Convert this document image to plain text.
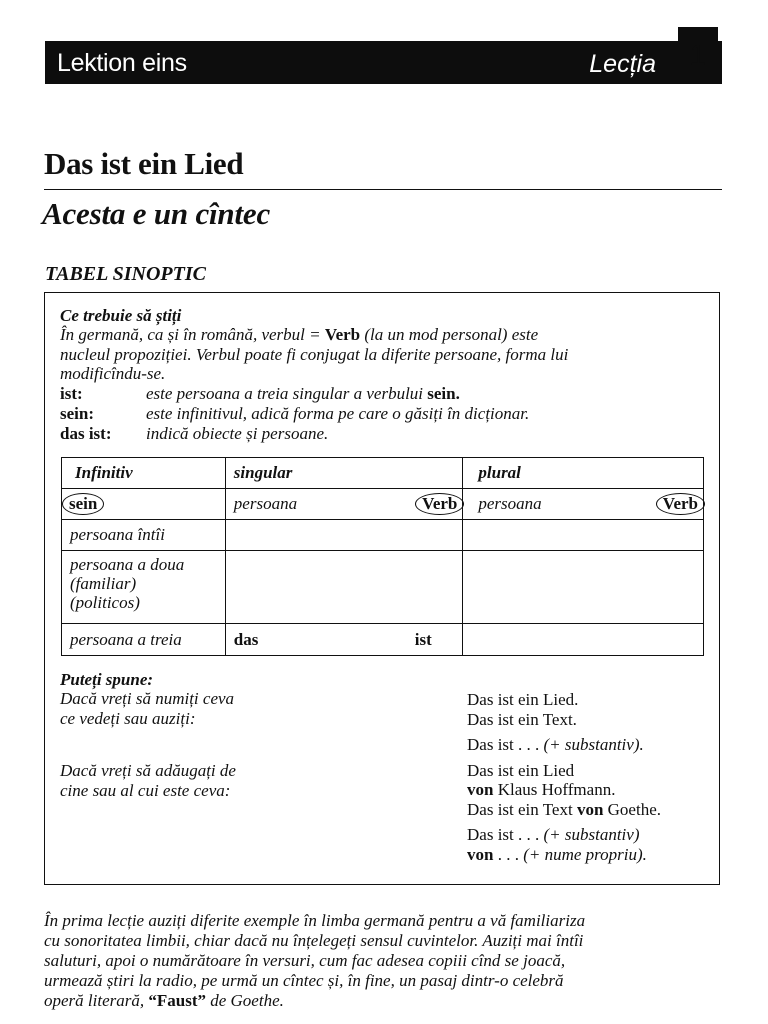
Lektion eins	Lecția	1
Das ist ein Lied
Acesta e un cîntec
TABEL SINOPTIC
Ce trebuie să știți
În germană, ca și în română, verbul = Verb (la un mod personal) este
nucleul propoziției. Verbul poate fi conjugat la diferite persoane, forma lui
modificîndu-se.
ist:	este persoana a treia singular a verbului sein.
sein:	este infinitivul, adică forma pe care o găsiți în dicționar.
das ist: indică obiecte și persoane.
Infinitiv	singular	plural
sein	persoana Verb	persoana Verb

persoana întîi		

persoana a doua
(familiar)
(politicos)		

persoana a treia	das ist	

Puteți spune:
Dacă vreți să numiți ceva
ce vedeți sau auziți:
Das ist ein Lied.
Das ist ein Text.
Das ist . . . (+ substantiv).
Dacă vreți să adăugați de
cine sau al cui este ceva:
Das ist ein Lied
von Klaus Hoffmann.
Das ist ein Text von Goethe.
Das ist . . . (+ substantiv)
von . . . (+ nume propriu).
În prima lecție auziți diferite exemple în limba germană pentru a vă familiariza
cu sonoritatea limbii, chiar dacă nu înțelegeți sensul cuvintelor. Auziți mai întîi
saluturi, apoi o numărătoare în versuri, cum fac adesea copiii cînd se joacă,
urmează știri la radio, pe urmă un cîntec și, în fine, un pasaj dintr-o celebră
operă literară, “Faust” de Goethe.
